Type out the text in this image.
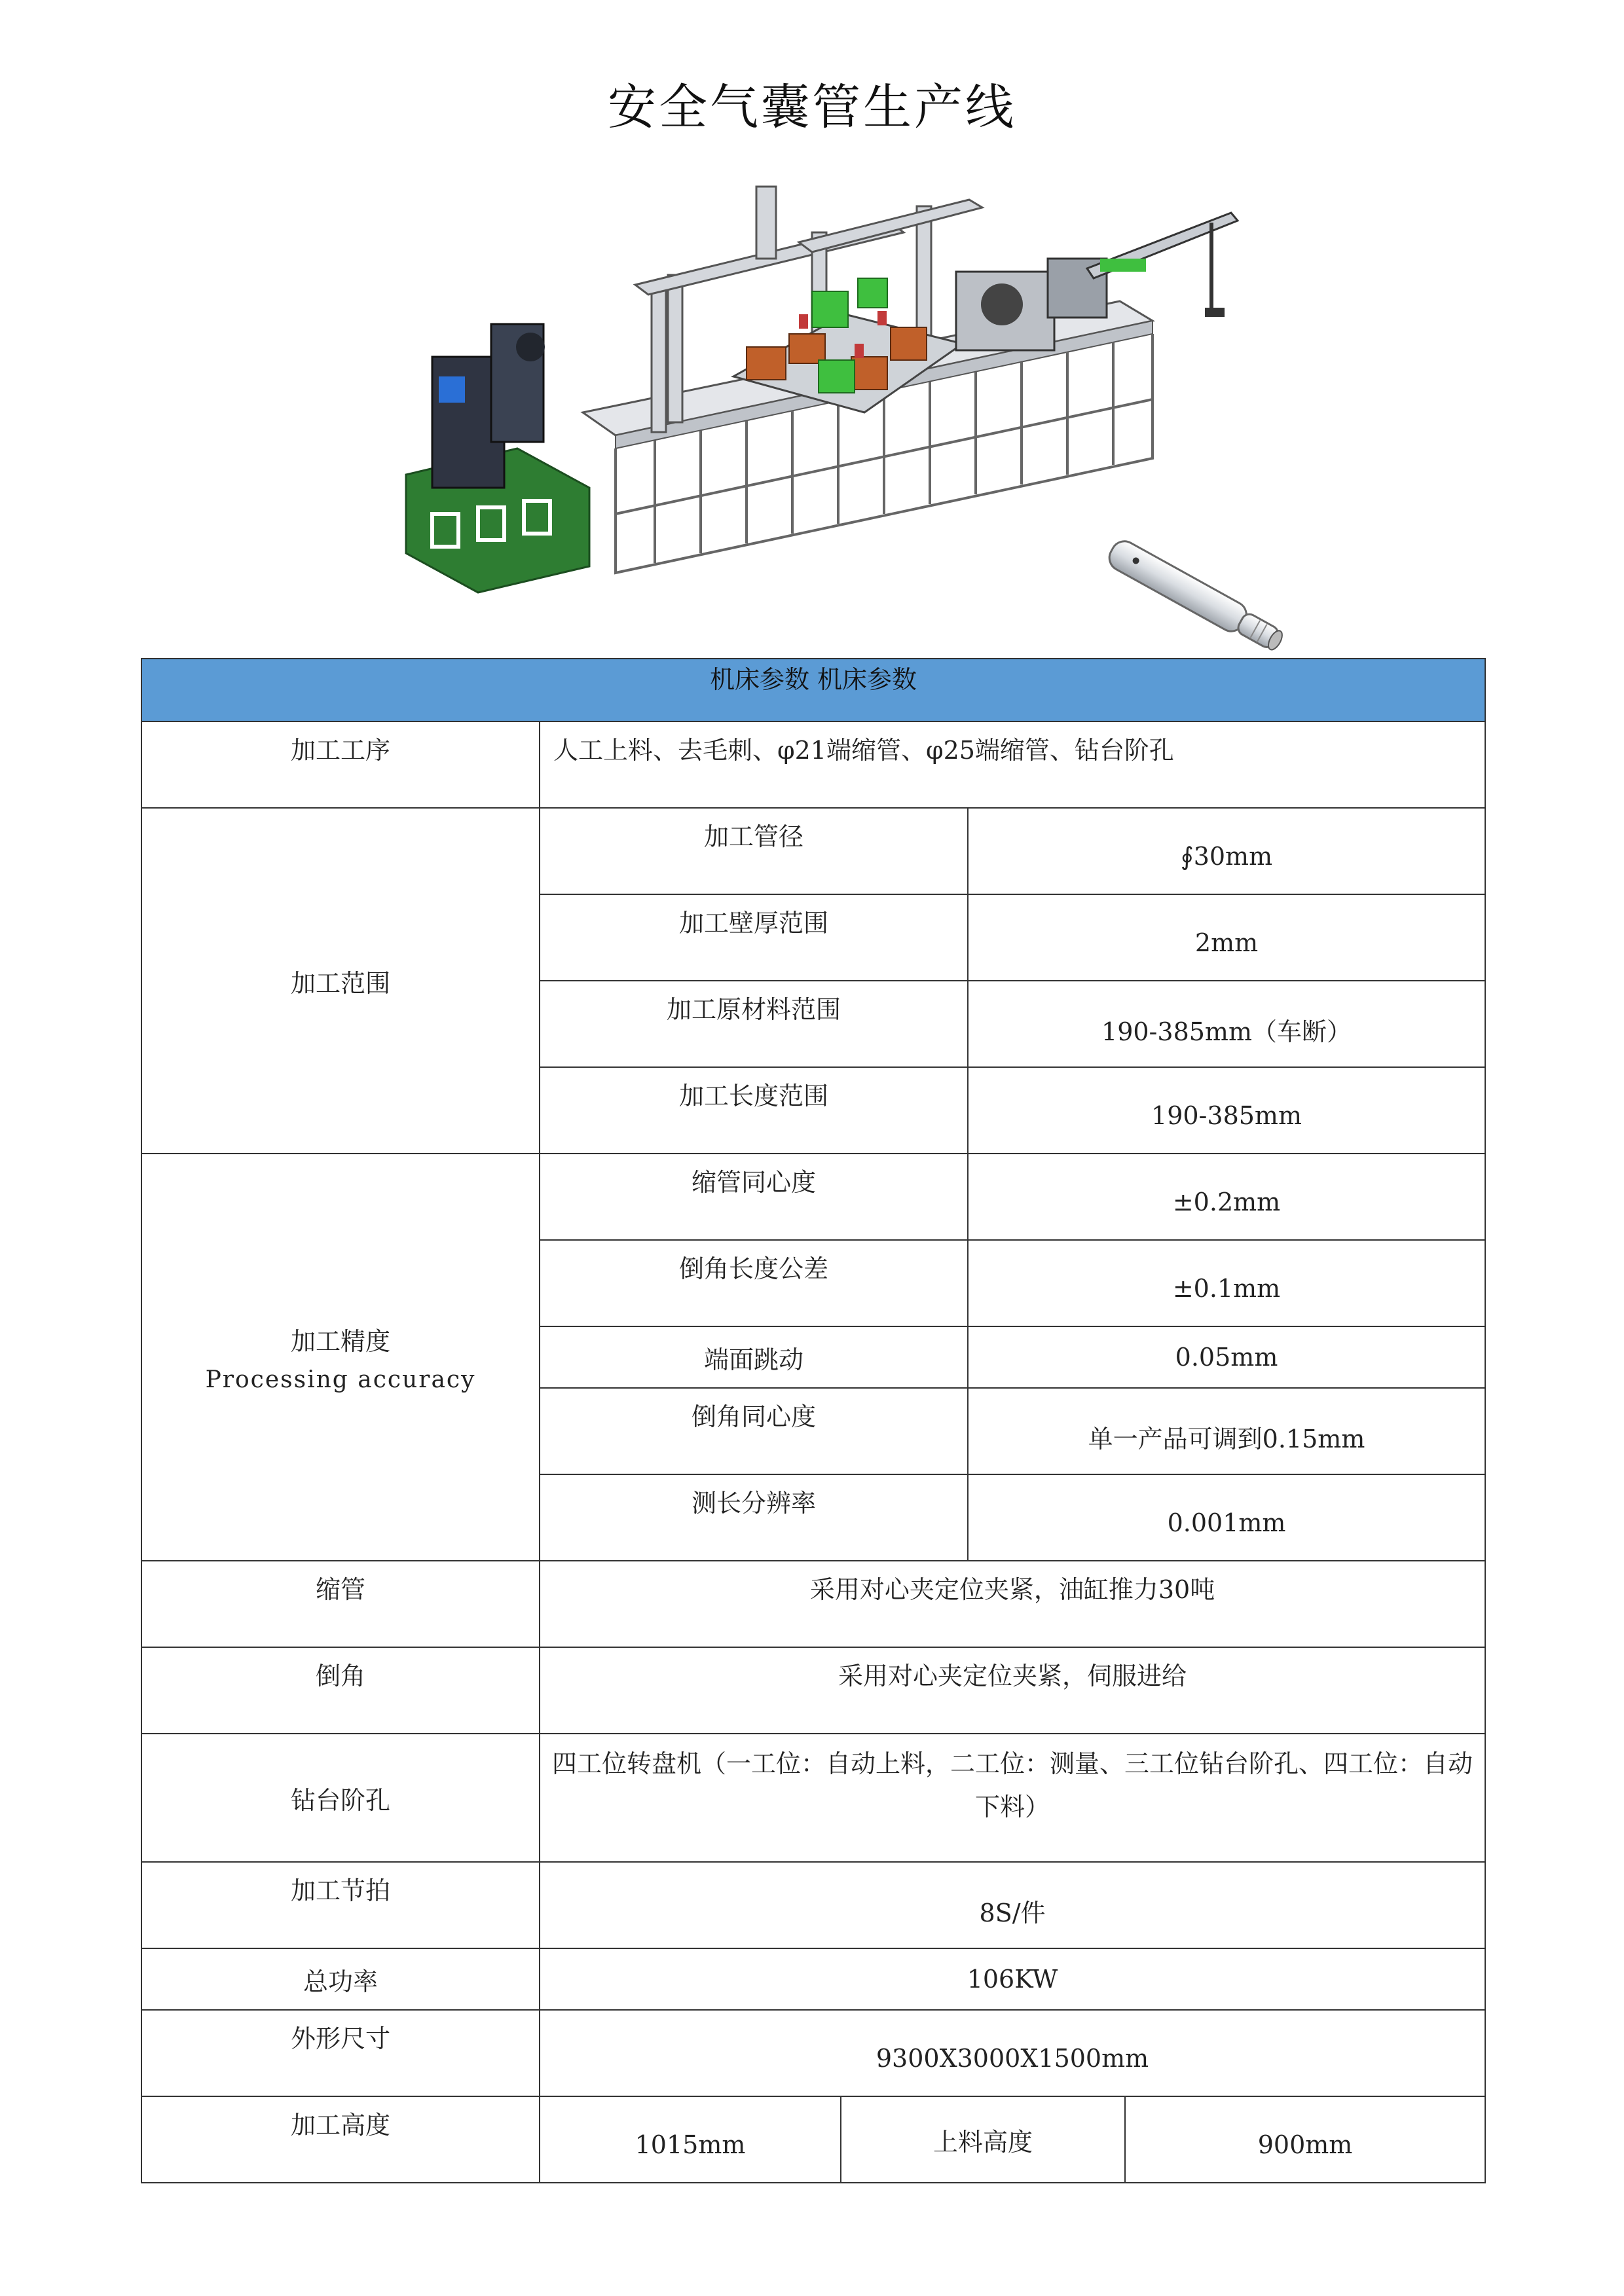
安全气囊管生产线
机床参数 机床参数				

加工工序	人工上料、去毛刺、φ21端缩管、φ25端缩管、钻台阶孔			
加工范围	加工管径		∮30mm	

	加工壁厚范围		2mm	

	加工原材料范围		190-385mm（车断）	

	加工长度范围		190-385mm	
加工精度
Processing accuracy	缩管同心度		±0.2mm	

	倒角长度公差		±0.1mm	
	端面跳动		0.05mm	

	倒角同心度		单一产品可调到0.15mm	

	测长分辨率		0.001mm	

缩管	采用对心夹定位夹紧，油缸推力30吨			

倒角	采用对心夹定位夹紧，伺服进给			

钻台阶孔	四工位转盘机（一工位：自动上料，二工位：测量、三工位钻台阶孔、四工位：自动下料）			

加工节拍	8S/件			
总功率	106KW			

外形尺寸	9300X3000X1500mm			

加工高度	1015mm	上料高度		900mm
